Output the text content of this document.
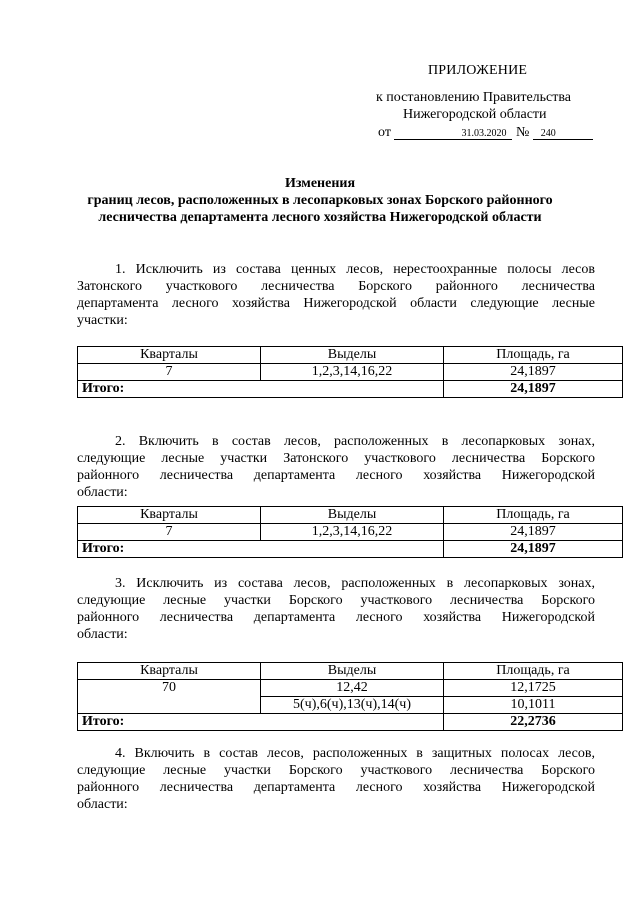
ПРИЛОЖЕНИЕ
к постановлению Правительства
Нижегородской области
от	31.03.2020 № 240
Изменения
границ лесов, расположенных в лесопарковых зонах Борского районного
лесничества департамента лесного хозяйства Нижегородской области
1. Исключить из состава ценных лесов, нерестоохранные полосы лесов
Затонского участкового лесничества Борского районного лесничества
департамента лесного хозяйства Нижегородской области следующие лесные
участки:
Кварталы	Выделы	Площадь, га
7	1,2,3,14,16,22	24,1897
Итого:		24,1897
2. Включить в состав лесов, расположенных в лесопарковых зонах,
следующие лесные участки Затонского участкового лесничества Борского
районного лесничества департамента лесного хозяйства Нижегородской
области:
Кварталы	Выделы	Площадь, га
7	1,2,3,14,16,22	24,1897
Итого:		24,1897
3. Исключить из состава лесов, расположенных в лесопарковых зонах,
следующие лесные участки Борского участкового лесничества Борского
районного лесничества департамента лесного хозяйства Нижегородской
области:
Кварталы	Выделы	Площадь, га
70	12,42	12,1725
	5(ч),6(ч),13(ч),14(ч)	10,1011
Итого:		22,2736
4. Включить в состав лесов, расположенных в защитных полосах лесов,
следующие лесные участки Борского участкового лесничества Борского
районного лесничества департамента лесного хозяйства Нижегородской
области:
